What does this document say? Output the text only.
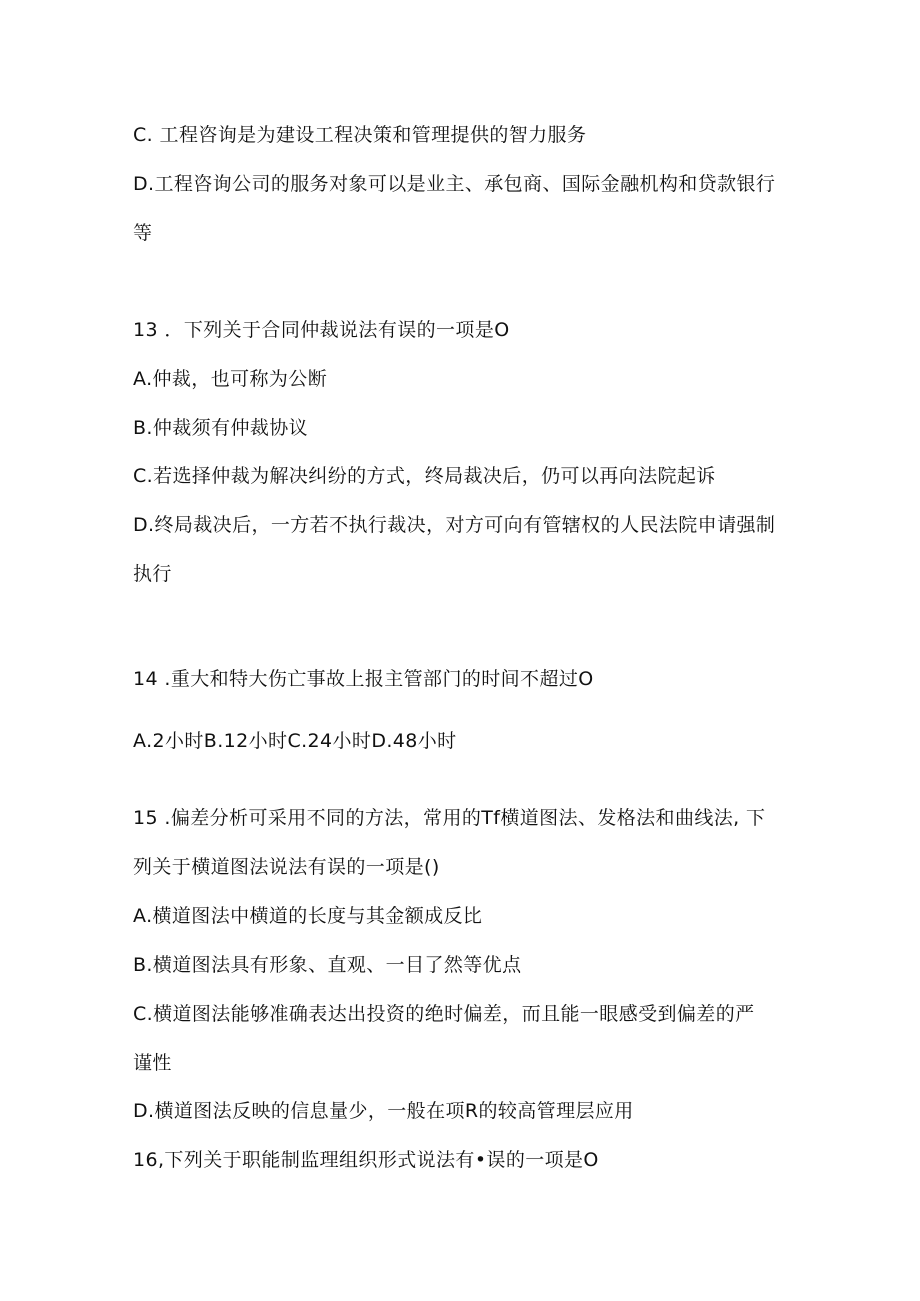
C. 工程咨询是为建设工程决策和管理提供的智力服务
D.工程咨询公司的服务对象可以是业主、承包商、国际金融机构和贷款银行
等
13 ．下列关于合同仲裁说法有误的一项是O
A.仲裁，也可称为公断
B.仲裁须有仲裁协议
C.若选择仲裁为解决纠纷的方式，终局裁决后，仍可以再向法院起诉
D.终局裁决后，一方若不执行裁决，对方可向有管辖权的人民法院申请强制
执行
14 .重大和特大伤亡事故上报主管部门的时间不超过O
A.2小时B.12小时C.24小时D.48小时
15 .偏差分析可采用不同的方法，常用的Tf横道图法、发格法和曲线法, 下
列关于横道图法说法有误的一项是()
A.横道图法中横道的长度与其金额成反比
B.横道图法具有形象、直观、一目了然等优点
C.横道图法能够准确表达出投资的绝时偏差，而且能一眼感受到偏差的严
谨性
D.横道图法反映的信息量少，一般在项R的较高管理层应用
16,下列关于职能制监理组织形式说法有•误的一项是O
